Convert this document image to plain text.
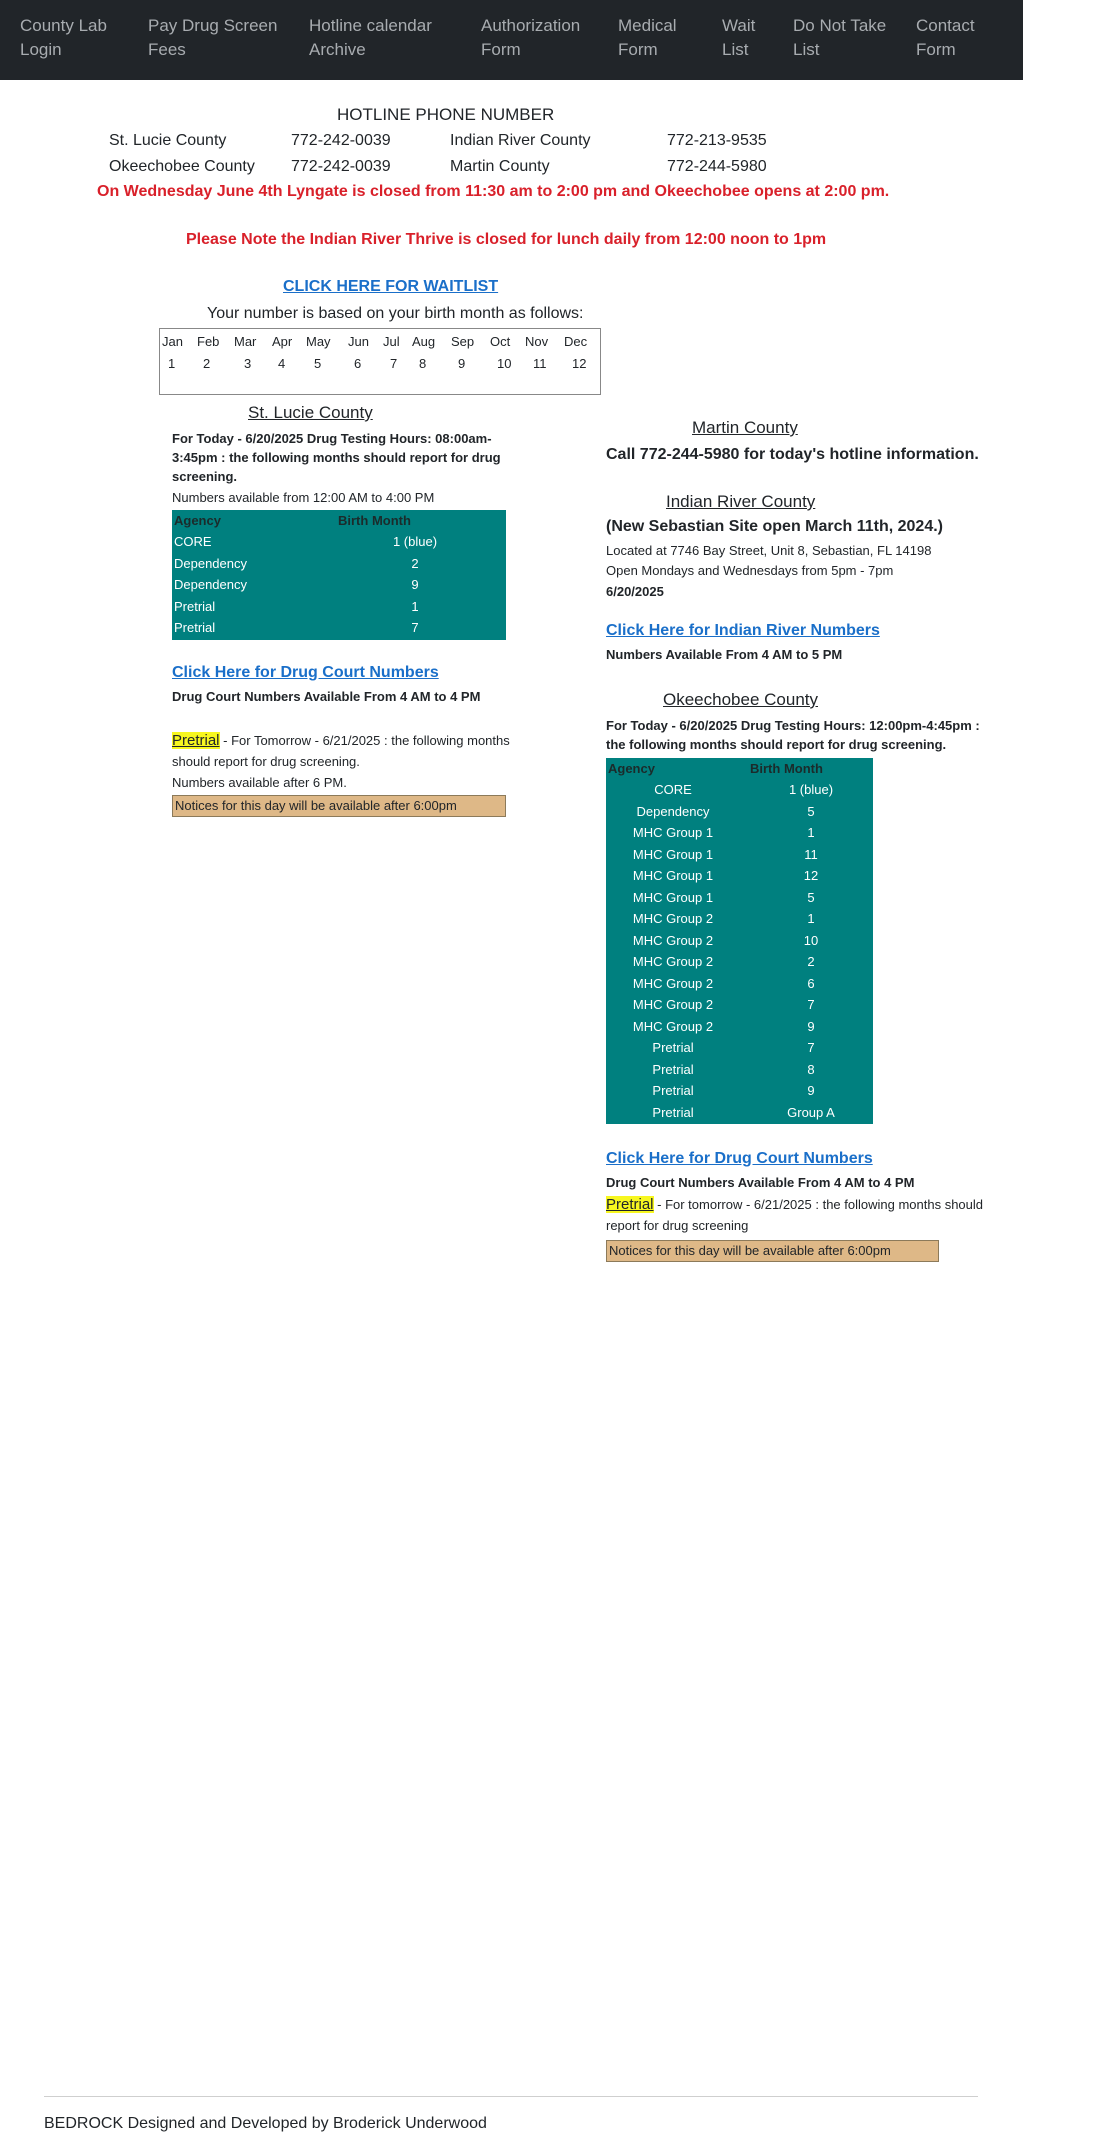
County Lab
Login
Pay Drug Screen
Fees
Hotline calendar
Archive
Authorization
Form
Medical
Form
Wait
List
Do Not Take
List
Contact
Form
HOTLINE PHONE NUMBER
St. Lucie County	772-242-0039	Indian River County	772-213-9535
Okeechobee County 772-242-0039	Martin County	772-244-5980
On Wednesday June 4th Lyngate is closed from 11:30 am to 2:00 pm and Okeechobee opens at 2:00 pm.
Please Note the Indian River Thrive is closed for lunch daily from 12:00 noon to 1pm
CLICK HERE FOR WAITLIST
Your number is based on your birth month as follows:
Jan Feb Mar Apr May Jun Jul Aug Sep Oct Nov Dec
1 2	3 4 5	6 7 8 9 10 11 12
St. Lucie County
For Today - 6/20/2025 Drug Testing Hours: 08:00am-
3:45pm : the following months should report for drug
screening.
Numbers available from 12:00 AM to 4:00 PM
Agency	Birth Month
CORE	1 (blue)
Dependency	2
Dependency	9
Pretrial	1
Pretrial	7
Click Here for Drug Court Numbers
Drug Court Numbers Available From 4 AM to 4 PM
Pretrial - For Tomorrow - 6/21/2025 : the following months
should report for drug screening.
Numbers available after 6 PM.
Notices for this day will be available after 6:00pm
Martin County
Call 772-244-5980 for today's hotline information.
Indian River County
(New Sebastian Site open March 11th, 2024.)
Located at 7746 Bay Street, Unit 8, Sebastian, FL 14198
Open Mondays and Wednesdays from 5pm - 7pm
6/20/2025
Click Here for Indian River Numbers
Numbers Available From 4 AM to 5 PM
Okeechobee County
For Today - 6/20/2025 Drug Testing Hours: 12:00pm-4:45pm :
the following months should report for drug screening.
Agency	Birth Month
CORE	1 (blue)
Dependency	5
MHC Group 1	1
MHC Group 1	11
MHC Group 1	12
MHC Group 1	5
MHC Group 2	1
MHC Group 2	10
MHC Group 2	2
MHC Group 2	6
MHC Group 2	7
MHC Group 2	9
Pretrial	7
Pretrial	8
Pretrial	9
Pretrial	Group A
Click Here for Drug Court Numbers
Drug Court Numbers Available From 4 AM to 4 PM
Pretrial - For tomorrow - 6/21/2025 : the following months should
report for drug screening
Notices for this day will be available after 6:00pm
BEDROCK Designed and Developed by Broderick Underwood
